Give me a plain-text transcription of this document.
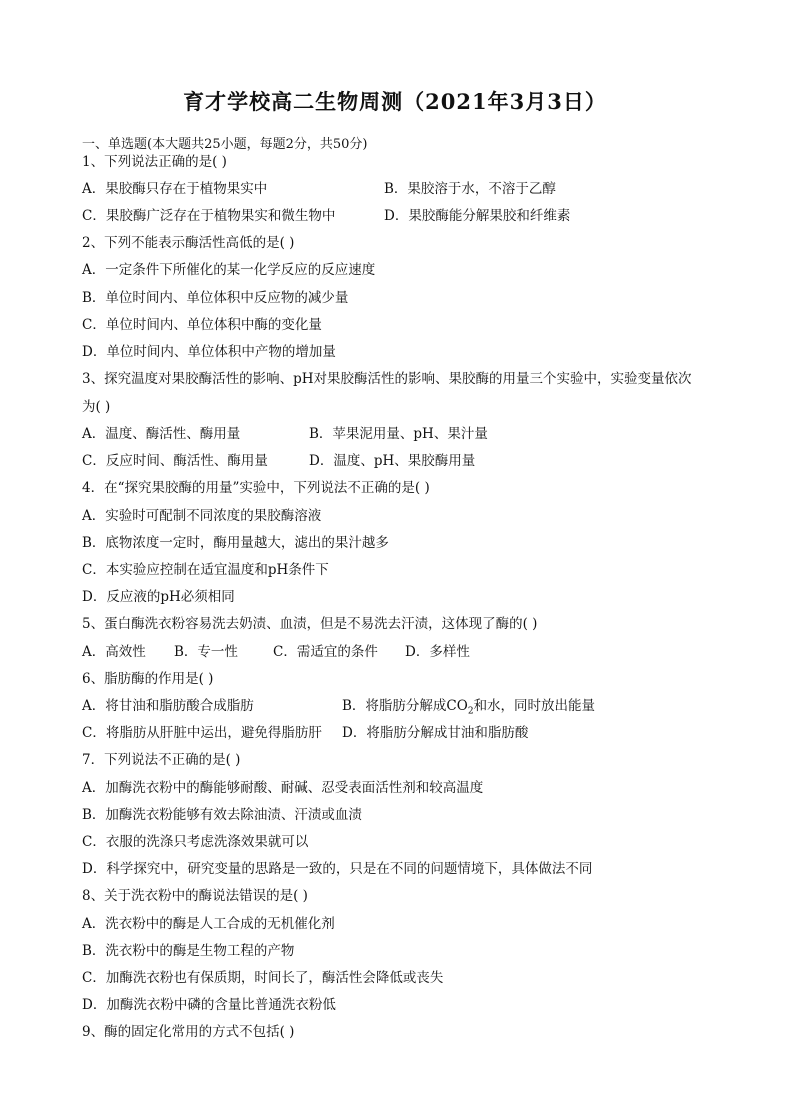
育才学校高二生物周测（2021年3月3日）
一、单选题(本大题共25小题，每题2分，共50分)
1、下列说法正确的是( )
A．果胶酶只存在于植物果实中	B．果胶溶于水，不溶于乙醇
C．果胶酶广泛存在于植物果实和微生物中	D．果胶酶能分解果胶和纤维素
2、下列不能表示酶活性高低的是( )
A．一定条件下所催化的某一化学反应的反应速度
B．单位时间内、单位体积中反应物的减少量
C．单位时间内、单位体积中酶的变化量
D．单位时间内、单位体积中产物的增加量
3、探究温度对果胶酶活性的影响、pH对果胶酶活性的影响、果胶酶的用量三个实验中，实验变量依次
为( )
A．温度、酶活性、酶用量	B．苹果泥用量、pH、果汁量
C．反应时间、酶活性、酶用量	D．温度、pH、果胶酶用量
4．在“探究果胶酶的用量”实验中，下列说法不正确的是( )
A．实验时可配制不同浓度的果胶酶溶液
B．底物浓度一定时，酶用量越大，滤出的果汁越多
C．本实验应控制在适宜温度和pH条件下
D．反应液的pH必须相同
5、蛋白酶洗衣粉容易洗去奶渍、血渍，但是不易洗去汗渍，这体现了酶的( )
A．高效性 B．专一性	C．需适宜的条件 D．多样性
6、脂肪酶的作用是( )
A．将甘油和脂肪酸合成脂肪	B．将脂肪分解成$CO_2$和水，同时放出能量
C．将脂肪从肝脏中运出，避免得脂肪肝 D．将脂肪分解成甘油和脂肪酸
7．下列说法不正确的是( )
A．加酶洗衣粉中的酶能够耐酸、耐碱、忍受表面活性剂和较高温度
B．加酶洗衣粉能够有效去除油渍、汗渍或血渍
C．衣服的洗涤只考虑洗涤效果就可以
D．科学探究中，研究变量的思路是一致的，只是在不同的问题情境下，具体做法不同
8、关于洗衣粉中的酶说法错误的是( )
A．洗衣粉中的酶是人工合成的无机催化剂
B．洗衣粉中的酶是生物工程的产物
C．加酶洗衣粉也有保质期，时间长了，酶活性会降低或丧失
D．加酶洗衣粉中磷的含量比普通洗衣粉低
9、酶的固定化常用的方式不包括( )
